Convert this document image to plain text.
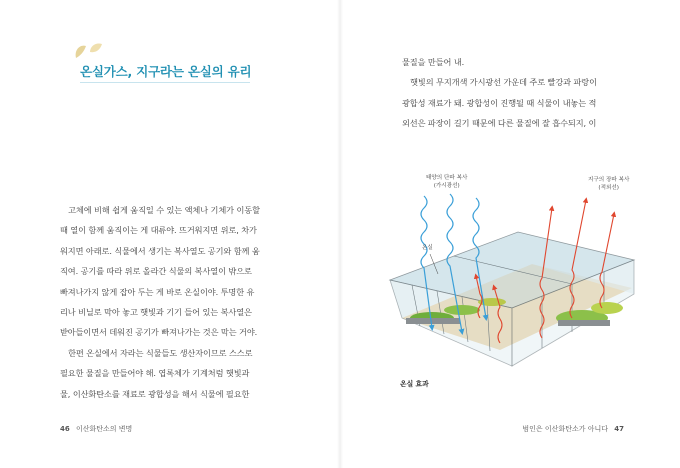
온실가스, 지구라는 온실의 유리

　고체에 비해 쉽게 움직일 수 있는 액체나 기체가 이동할

때 열이 함께 움직이는 게 대류야. 뜨거워지면 위로, 차가

워지면 아래로. 식물에서 생기는 복사열도 공기와 함께 움

직여. 공기를 따라 위로 올라간 식물의 복사열이 밖으로

빠져나가지 않게 잡아 두는 게 바로 온실이야. 투명한 유

리나 비닐로 막아 놓고 햇빛과 기기 들어 있는 복사열은

받아들이면서 데워진 공기가 빠져나가는 것은 막는 거야.

　한편 온실에서 자라는 식물들도 생산자이므로 스스로

필요한 물질을 만들어야 해. 엽록체가 기계처럼 햇빛과

물, 이산화탄소를 재료로 광합성을 해서 식물에 필요한

46 이산화탄소의 변명

물질을 만들어 내.

　햇빛의 무지개색 가시광선 가운데 주로 빨강과 파랑이

광합성 재료가 돼. 광합성이 진행될 때 식물이 내놓는 적

외선은 파장이 길기 때문에 다른 물질에 잘 흡수되지, 이

태양의 단파 복사
(가시광선)
지구의 장파 복사
(적외선)
온실
온실 효과
범인은 이산화탄소가 아니다 47
